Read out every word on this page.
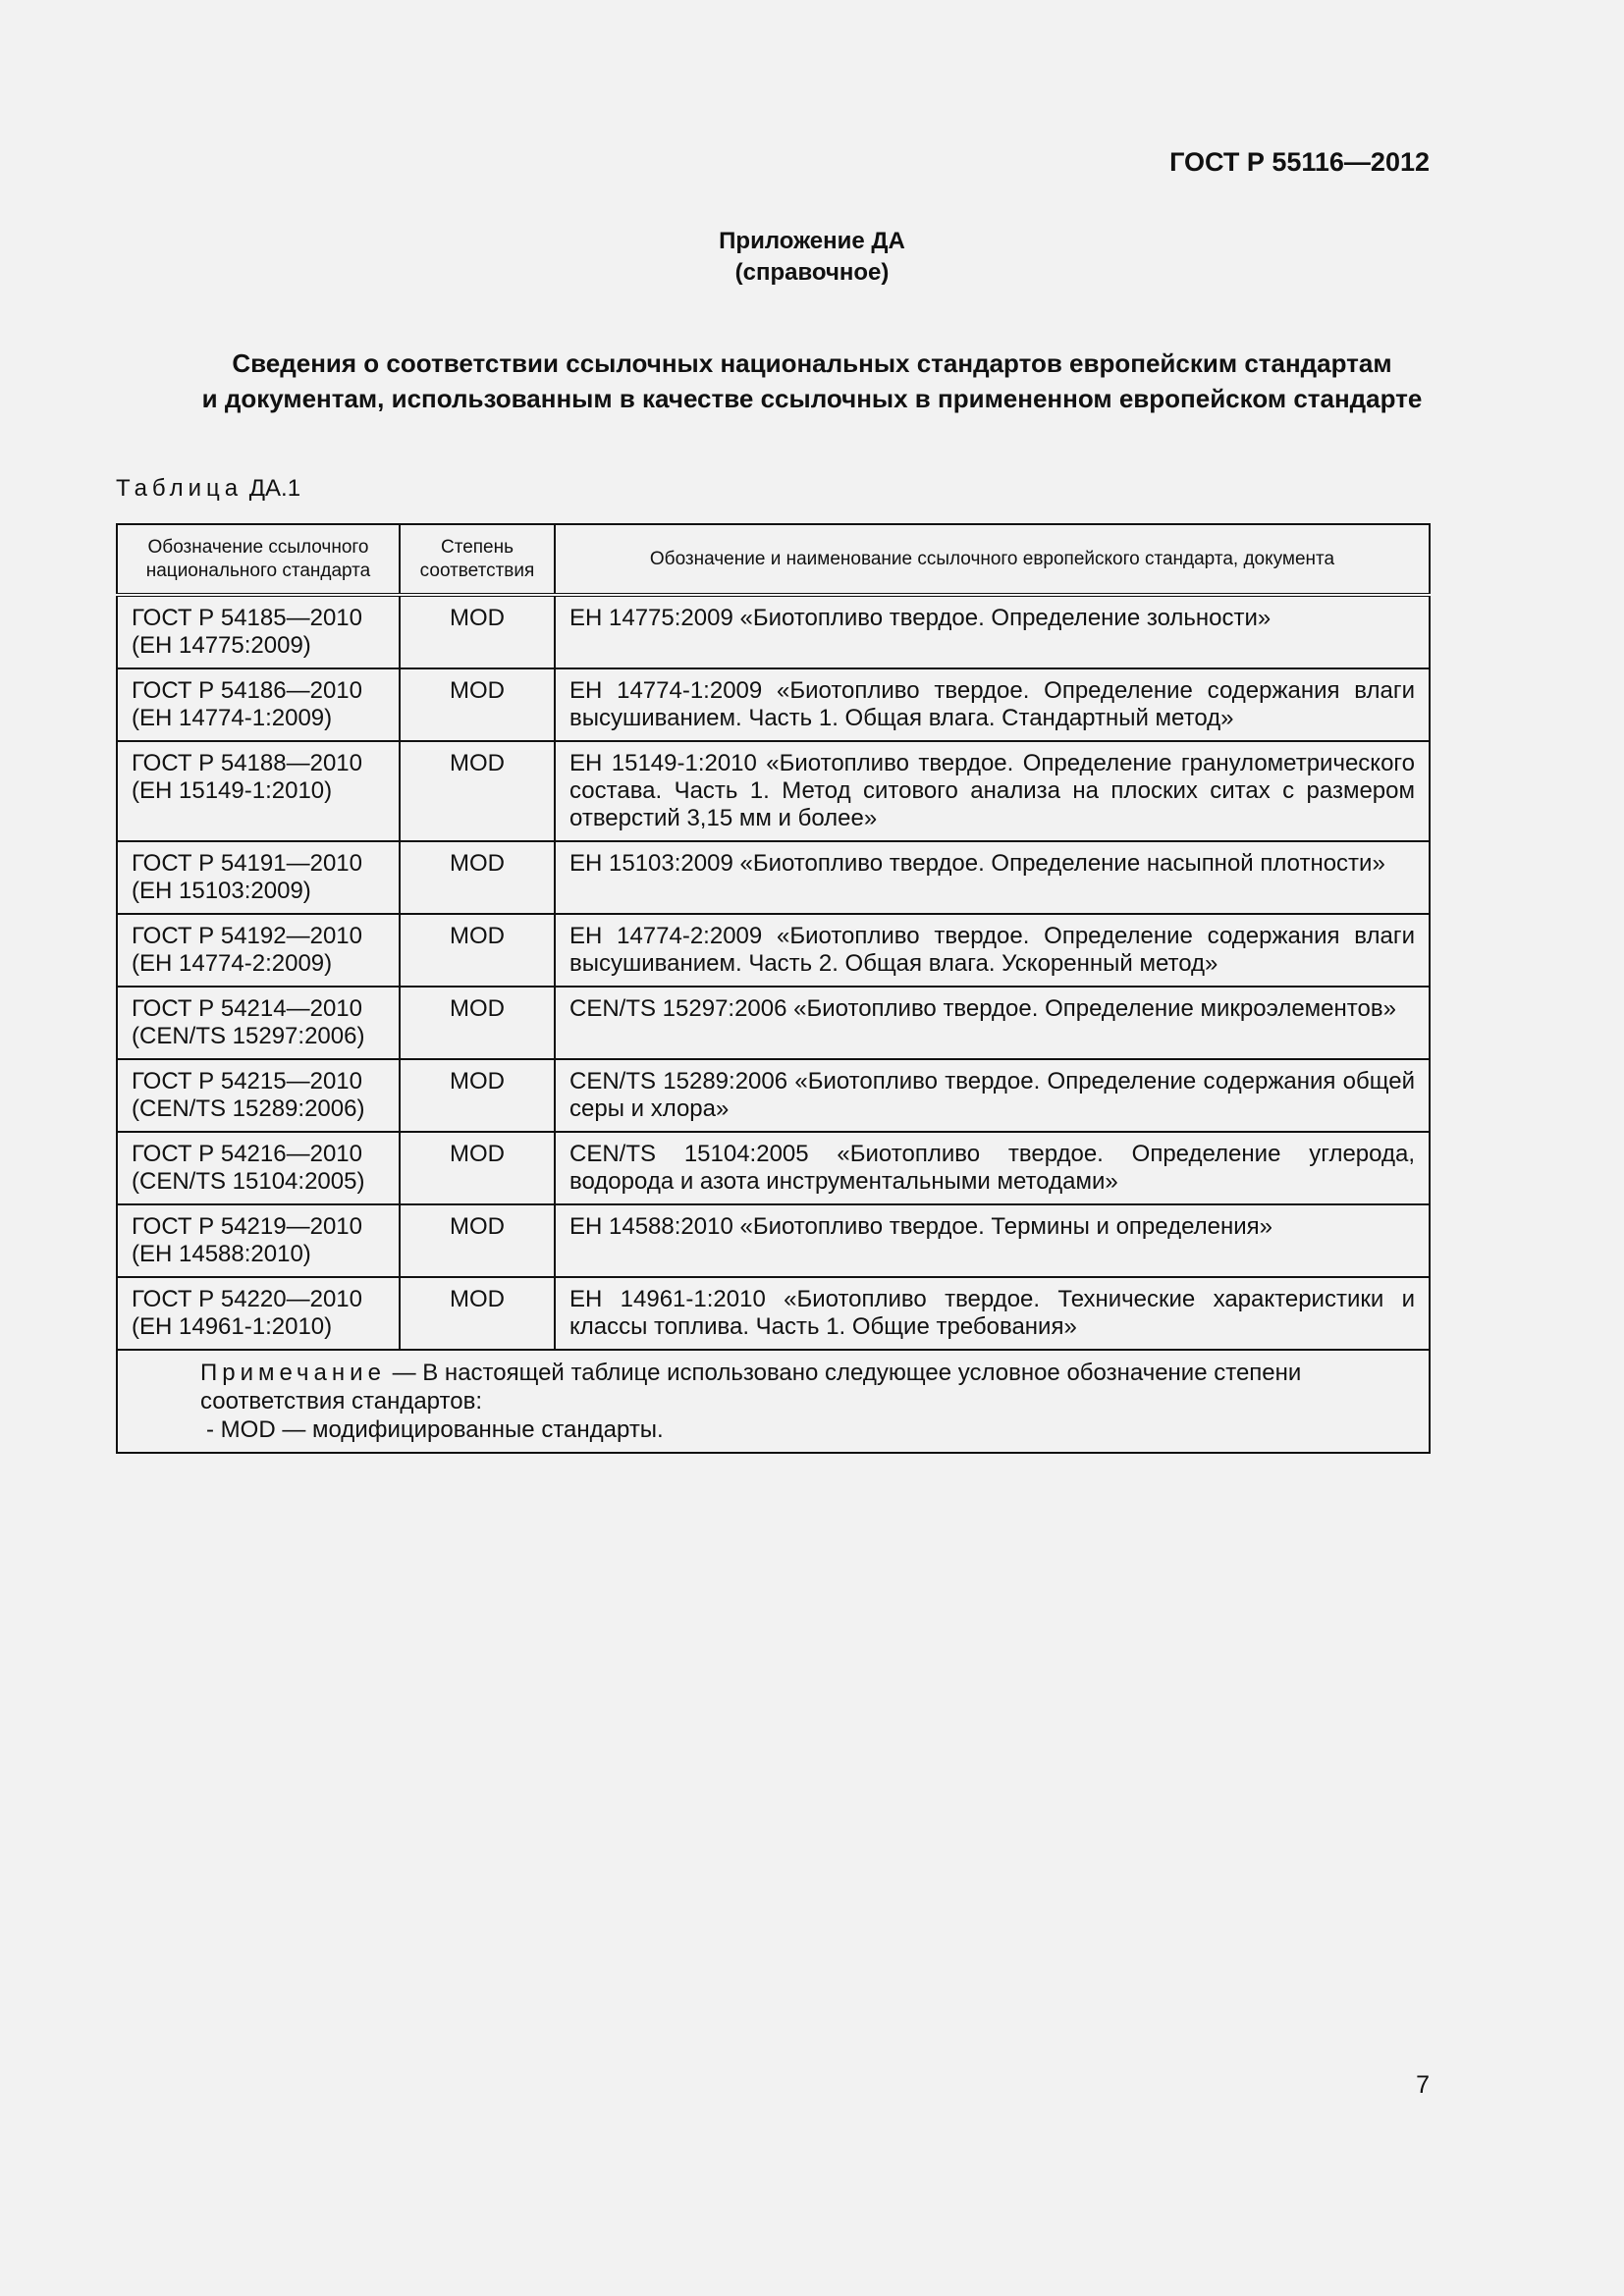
ГОСТ Р 55116—2012
Приложение ДА
(справочное)
Сведения о соответствии ссылочных национальных стандартов европейским стандартам
и документам, использованным в качестве ссылочных в примененном европейском стандарте
Таблица ДА.1
Обозначение ссылочного национального стандарта	Степень соответствия	Обозначение и наименование ссылочного европейского стандарта, документа

ГОСТ Р 54185—2010
(ЕН 14775:2009)	MOD	ЕН 14775:2009 «Биотопливо твердое. Определение зольности»

ГОСТ Р 54186—2010
(ЕН 14774-1:2009)	MOD	ЕН 14774-1:2009 «Биотопливо твердое. Определение содержания влаги высушиванием. Часть 1. Общая влага. Стандартный метод»

ГОСТ Р 54188—2010
(ЕН 15149-1:2010)	MOD	ЕН 15149-1:2010 «Биотопливо твердое. Определение гранулометрического состава. Часть 1. Метод ситового анализа на плоских ситах с размером отверстий 3,15 мм и более»

ГОСТ Р 54191—2010
(ЕН 15103:2009)	MOD	ЕН 15103:2009 «Биотопливо твердое. Определение насыпной плотности»

ГОСТ Р 54192—2010
(ЕН 14774-2:2009)	MOD	ЕН 14774-2:2009 «Биотопливо твердое. Определение содержания влаги высушиванием. Часть 2. Общая влага. Ускоренный метод»

ГОСТ Р 54214—2010
(CEN/TS 15297:2006)	MOD	CEN/TS 15297:2006 «Биотопливо твердое. Определение микроэлементов»

ГОСТ Р 54215—2010
(CEN/TS 15289:2006)	MOD	CEN/TS 15289:2006 «Биотопливо твердое. Определение содержания общей серы и хлора»

ГОСТ Р 54216—2010
(CEN/TS 15104:2005)	MOD	CEN/TS 15104:2005 «Биотопливо твердое. Определение углерода, водорода и азота инструментальными методами»

ГОСТ Р 54219—2010
(ЕН 14588:2010)	MOD	ЕН 14588:2010 «Биотопливо твердое. Термины и определения»

ГОСТ Р 54220—2010
(ЕН 14961-1:2010)	MOD	ЕН 14961-1:2010 «Биотопливо твердое. Технические характеристики и классы топлива. Часть 1. Общие требования»

Примечание — В настоящей таблице использовано следующее условное обозначение степени соответствия стандартов:
- MOD — модифицированные стандарты.		
7
